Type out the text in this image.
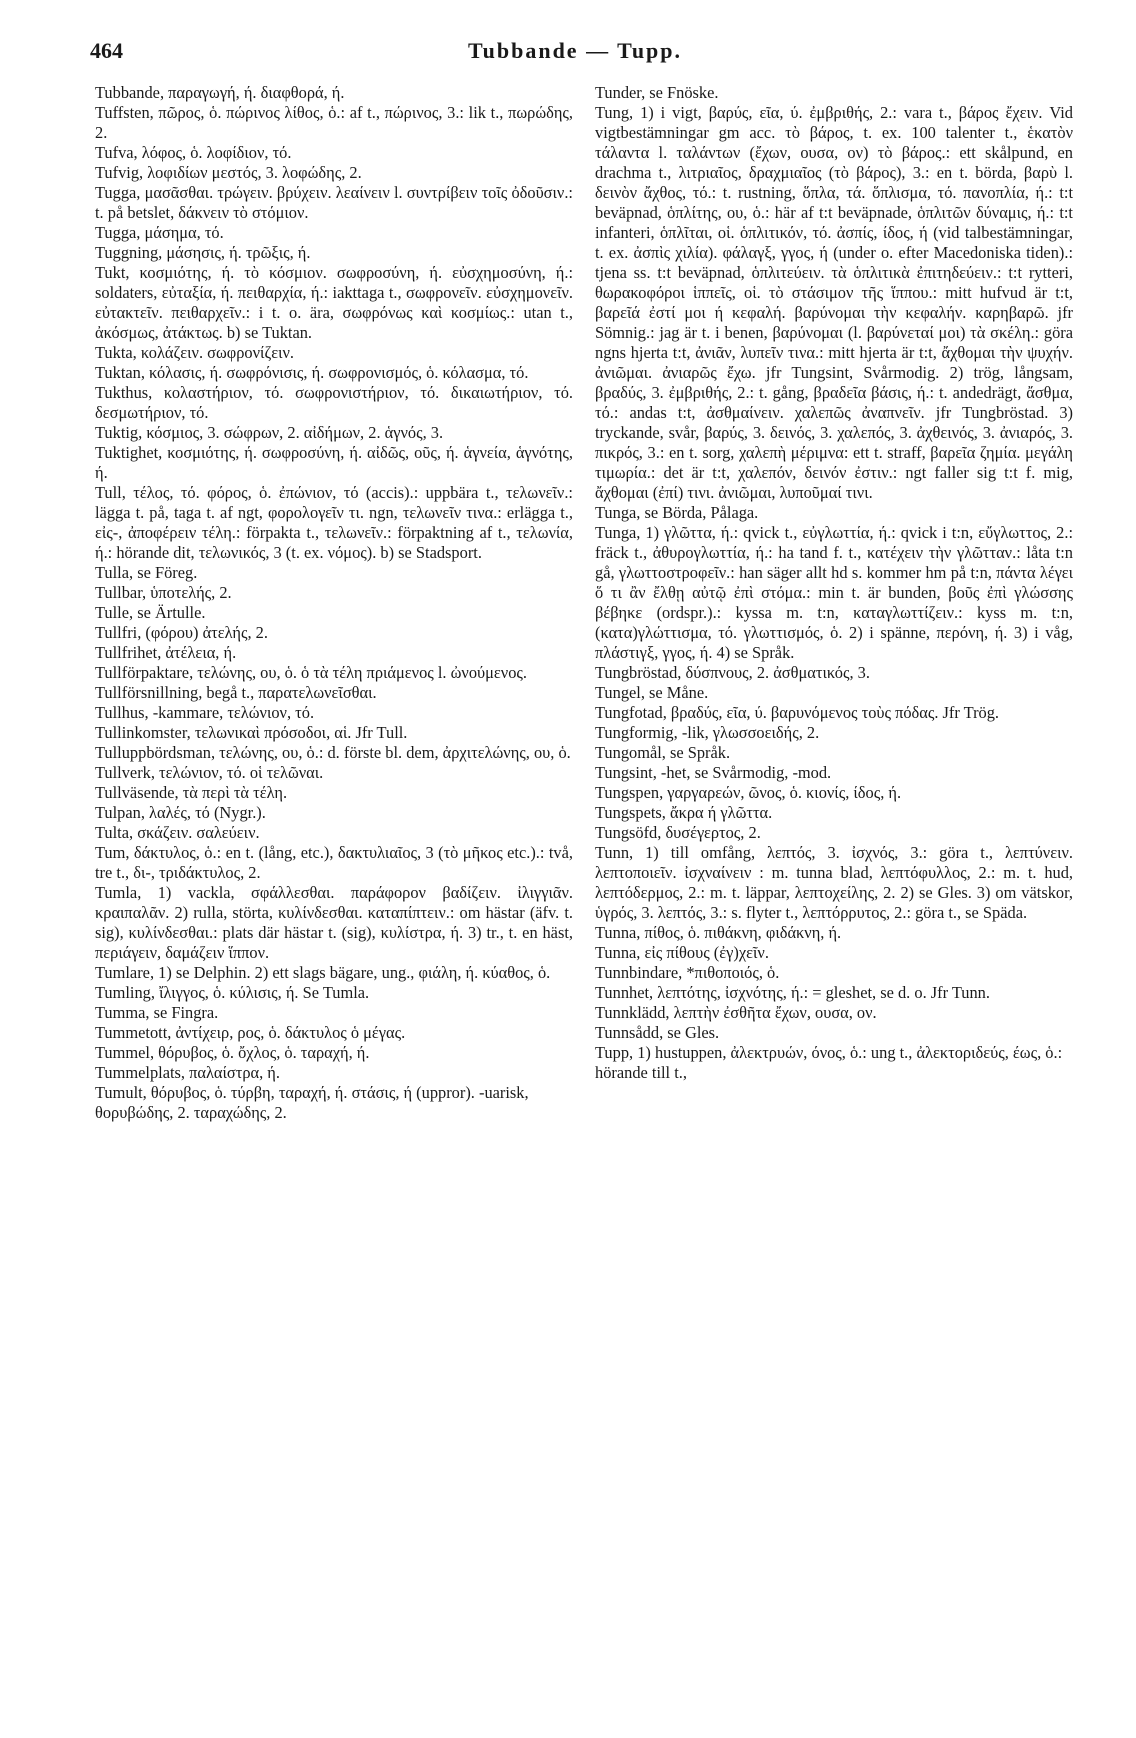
464	Tubbande — Tupp.

Tubbande, παραγωγή, ή. διαφθορά, ή.

Tuffsten, πῶρος, ὁ. πώρινος λίθος, ὁ.: af t., πώρινος, 3.: lik t., πωρώδης, 2.

Tufva, λόφος, ὁ. λοφίδιον, τό.

Tufvig, λοφιδίων μεστός, 3. λοφώδης, 2.

Tugga, μασᾶσθαι. τρώγειν. βρύχειν. λεαίνειν l. συντρίβειν τοῖς ὀδοῦσιν.: t. på betslet, δάκνειν τὸ στόμιον.

Tugga, μάσημα, τό.

Tuggning, μάσησις, ή. τρῶξις, ή.

Tukt, κοσμιότης, ή. τὸ κόσμιον. σωφροσύνη, ή. εὐσχημοσύνη, ή.: soldaters, εὐταξία, ή. πειθαρχία, ή.: iakttaga t., σωφρονεῖν. εὐσχημονεῖν. εὐτακτεῖν. πειθαρχεῖν.: i t. o. ära, σωφρόνως καὶ κοσμίως.: utan t., ἀκόσμως, ἀτάκτως. b) se Tuktan.

Tukta, κολάζειν. σωφρονίζειν.

Tuktan, κόλασις, ή. σωφρόνισις, ή. σωφρονισμός, ὁ. κόλασμα, τό.

Tukthus, κολαστήριον, τό. σωφρονιστήριον, τό. δικαιωτήριον, τό. δεσμωτήριον, τό.

Tuktig, κόσμιος, 3. σώφρων, 2. αἰδήμων, 2. ἁγνός, 3.

Tuktighet, κοσμιότης, ή. σωφροσύνη, ή. αἰδῶς, οῦς, ή. ἁγνεία, ἁγνότης, ή.

Tull, τέλος, τό. φόρος, ὁ. ἐπώνιον, τό (accis).: uppbära t., τελωνεῖν.: lägga t. på, taga t. af ngt, φορολογεῖν τι. ngn, τελωνεῖν τινα.: erlägga t., εἰς-, ἀποφέρειν τέλη.: förpakta t., τελωνεῖν.: förpaktning af t., τελωνία, ή.: hörande dit, τελωνικός, 3 (t. ex. νόμος). b) se Stadsport.

Tulla, se Föreg.

Tullbar, ὑποτελής, 2.

Tulle, se Ärtulle.

Tullfri, (φόρου) ἀτελής, 2.

Tullfrihet, ἀτέλεια, ή.

Tullförpaktare, τελώνης, ου, ὁ. ὁ τὰ τέλη πριάμενος l. ὠνούμενος.

Tullförsnillning, begå t., παρατελωνεῖσθαι.

Tullhus, -kammare, τελώνιον, τό.

Tullinkomster, τελωνικαὶ πρόσοδοι, αἱ. Jfr Tull.

Tulluppbördsman, τελώνης, ου, ὁ.: d. förste bl. dem, ἀρχιτελώνης, ου, ὁ.

Tullverk, τελώνιον, τό. οἱ τελῶναι.

Tullväsende, τὰ περὶ τὰ τέλη.

Tulpan, λαλές, τό (Nygr.).

Tulta, σκάζειν. σαλεύειν.

Tum, δάκτυλος, ὁ.: en t. (lång, etc.), δακτυλιαῖος, 3 (τὸ μῆκος etc.).: två, tre t., δι-, τριδάκτυλος, 2.

Tumla, 1) vackla, σφάλλεσθαι. παράφορον βαδίζειν. ἰλιγγιᾶν. κραιπαλᾶν. 2) rulla, störta, κυλίνδεσθαι. καταπίπτειν.: om hästar (äfv. t. sig), κυλίνδεσθαι.: plats där hästar t. (sig), κυλίστρα, ή. 3) tr., t. en häst, περιάγειν, δαμάζειν ἵππον.

Tumlare, 1) se Delphin. 2) ett slags bägare, ung., φιάλη, ή. κύαθος, ὁ.

Tumling, ἴλιγγος, ὁ. κύλισις, ή. Se Tumla.

Tumma, se Fingra.

Tummetott, ἀντίχειρ, ρος, ὁ. δάκτυλος ὁ μέγας.

Tummel, θόρυβος, ὁ. ὄχλος, ὁ. ταραχή, ή.

Tummelplats, παλαίστρα, ή.

Tumult, θόρυβος, ὁ. τύρβη, ταραχή, ή. στάσις, ή (uppror). -uarisk, θορυβώδης, 2. ταραχώδης, 2.

Tunder, se Fnöske.

Tung, 1) i vigt, βαρύς, εῖα, ύ. ἐμβριθής, 2.: vara t., βάρος ἔχειν. Vid vigtbestämningar gm acc. τὸ βάρος, t. ex. 100 talenter t., ἑκατὸν τάλαντα l. ταλάντων (ἔχων, ουσα, ον) τὸ βάρος.: ett skålpund, en drachma t., λιτριαῖος, δραχμιαῖος (τὸ βάρος), 3.: en t. börda, βαρὺ l. δεινὸν ἄχθος, τό.: t. rustning, ὅπλα, τά. ὅπλισμα, τό. πανοπλία, ή.: t:t beväpnad, ὁπλίτης, ου, ὁ.: här af t:t beväpnade, ὁπλιτῶν δύναμις, ή.: t:t infanteri, ὁπλῖται, οἱ. ὁπλιτικόν, τό. ἀσπίς, ίδος, ή (vid talbestämningar, t. ex. ἀσπὶς χιλία). φάλαγξ, γγος, ή (under o. efter Macedoniska tiden).: tjena ss. t:t beväpnad, ὁπλιτεύειν. τὰ ὁπλιτικὰ ἐπιτηδεύειν.: t:t rytteri, θωρακοφόροι ἱππεῖς, οἱ. τὸ στάσιμον τῆς ἵππου.: mitt hufvud är t:t, βαρεῖά ἐστί μοι ή κεφαλή. βαρύνομαι τὴν κεφαλήν. καρηβαρῶ. jfr Sömnig.: jag är t. i benen, βαρύνομαι (l. βαρύνεταί μοι) τὰ σκέλη.: göra ngns hjerta t:t, ἀνιᾶν, λυπεῖν τινα.: mitt hjerta är t:t, ἄχθομαι τὴν ψυχήν. ἀνιῶμαι. ἀνιαρῶς ἔχω. jfr Tungsint, Svårmodig. 2) trög, långsam, βραδύς, 3. ἐμβριθής, 2.: t. gång, βραδεῖα βάσις, ή.: t. andedrägt, ἄσθμα, τό.: andas t:t, ἀσθμαίνειν. χαλεπῶς ἀναπνεῖν. jfr Tungbröstad. 3) tryckande, svår, βαρύς, 3. δεινός, 3. χαλεπός, 3. ἀχθεινός, 3. ἀνιαρός, 3. πικρός, 3.: en t. sorg, χαλεπὴ μέριμνα: ett t. straff, βαρεῖα ζημία. μεγάλη τιμωρία.: det är t:t, χαλεπόν, δεινόν ἐστιν.: ngt faller sig t:t f. mig, ἄχθομαι (ἐπί) τινι. ἀνιῶμαι, λυποῦμαί τινι.

Tunga, se Börda, Pålaga.

Tunga, 1) γλῶττα, ή.: qvick t., εὐγλωττία, ή.: qvick i t:n, εὔγλωττος, 2.: fräck t., ἀθυρογλωττία, ή.: ha tand f. t., κατέχειν τὴν γλῶτταν.: låta t:n gå, γλωττοστροφεῖν.: han säger allt hd s. kommer hm på t:n, πάντα λέγει ὅ τι ἂν ἔλθῃ αὐτῷ ἐπὶ στόμα.: min t. är bunden, βοῦς ἐπὶ γλώσσης βέβηκε (ordspr.).: kyssa m. t:n, καταγλωττίζειν.: kyss m. t:n, (κατα)γλώττισμα, τό. γλωττισμός, ὁ. 2) i spänne, περόνη, ή. 3) i våg, πλάστιγξ, γγος, ή. 4) se Språk.

Tungbröstad, δύσπνους, 2. ἀσθματικός, 3.

Tungel, se Måne.

Tungfotad, βραδύς, εῖα, ύ. βαρυνόμενος τοὺς πόδας. Jfr Trög.

Tungformig, -lik, γλωσσοειδής, 2.

Tungomål, se Språk.

Tungsint, -het, se Svårmodig, -mod.

Tungspen, γαργαρεών, ῶνος, ὁ. κιονίς, ίδος, ή.

Tungspets, ἄκρα ή γλῶττα.

Tungsöfd, δυσέγερτος, 2.

Tunn, 1) till omfång, λεπτός, 3. ἰσχνός, 3.: göra t., λεπτύνειν. λεπτοποιεῖν. ἰσχναίνειν : m. tunna blad, λεπτόφυλλος, 2.: m. t. hud, λεπτόδερμος, 2.: m. t. läppar, λεπτοχείλης, 2. 2) se Gles. 3) om vätskor, ὑγρός, 3. λεπτός, 3.: s. flyter t., λεπτόρρυτος, 2.: göra t., se Späda.

Tunna, πίθος, ὁ. πιθάκνη, φιδάκνη, ή.

Tunna, εἰς πίθους (ἐγ)χεῖν.

Tunnbindare, *πιθοποιός, ὁ.

Tunnhet, λεπτότης, ἰσχνότης, ή.: = gleshet, se d. o. Jfr Tunn.

Tunnklädd, λεπτὴν ἐσθῆτα ἔχων, ουσα, ον.

Tunnsådd, se Gles.

Tupp, 1) hustuppen, ἀλεκτρυών, όνος, ὁ.: ung t., ἀλεκτοριδεύς, έως, ὁ.: hörande till t.,
